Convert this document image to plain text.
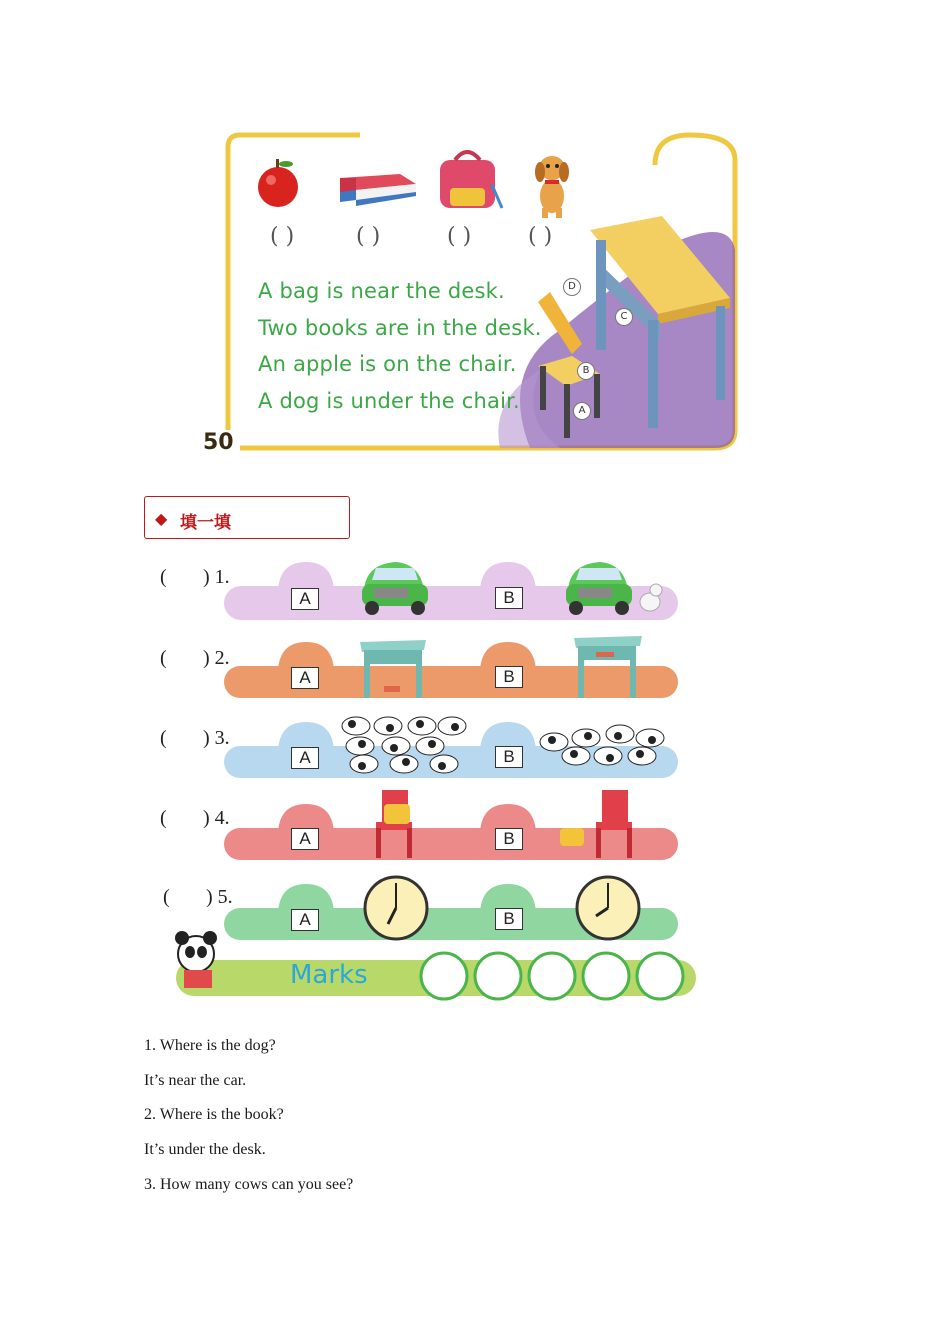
( )	( )	( )	( )
A bag is near the desk.
Two books are in the desk.
An apple is on the chair.
A dog is under the chair.
D
C
B
A
50
◆ 填一填
( ) 1.
( ) 2.
( ) 3.
( ) 4.
( ) 5.
A	B
A	B
A	B
A	B
A	B
Marks
1. Where is the dog?
It’s near the car.
2. Where is the book?
It’s under the desk.
3. How many cows can you see?
